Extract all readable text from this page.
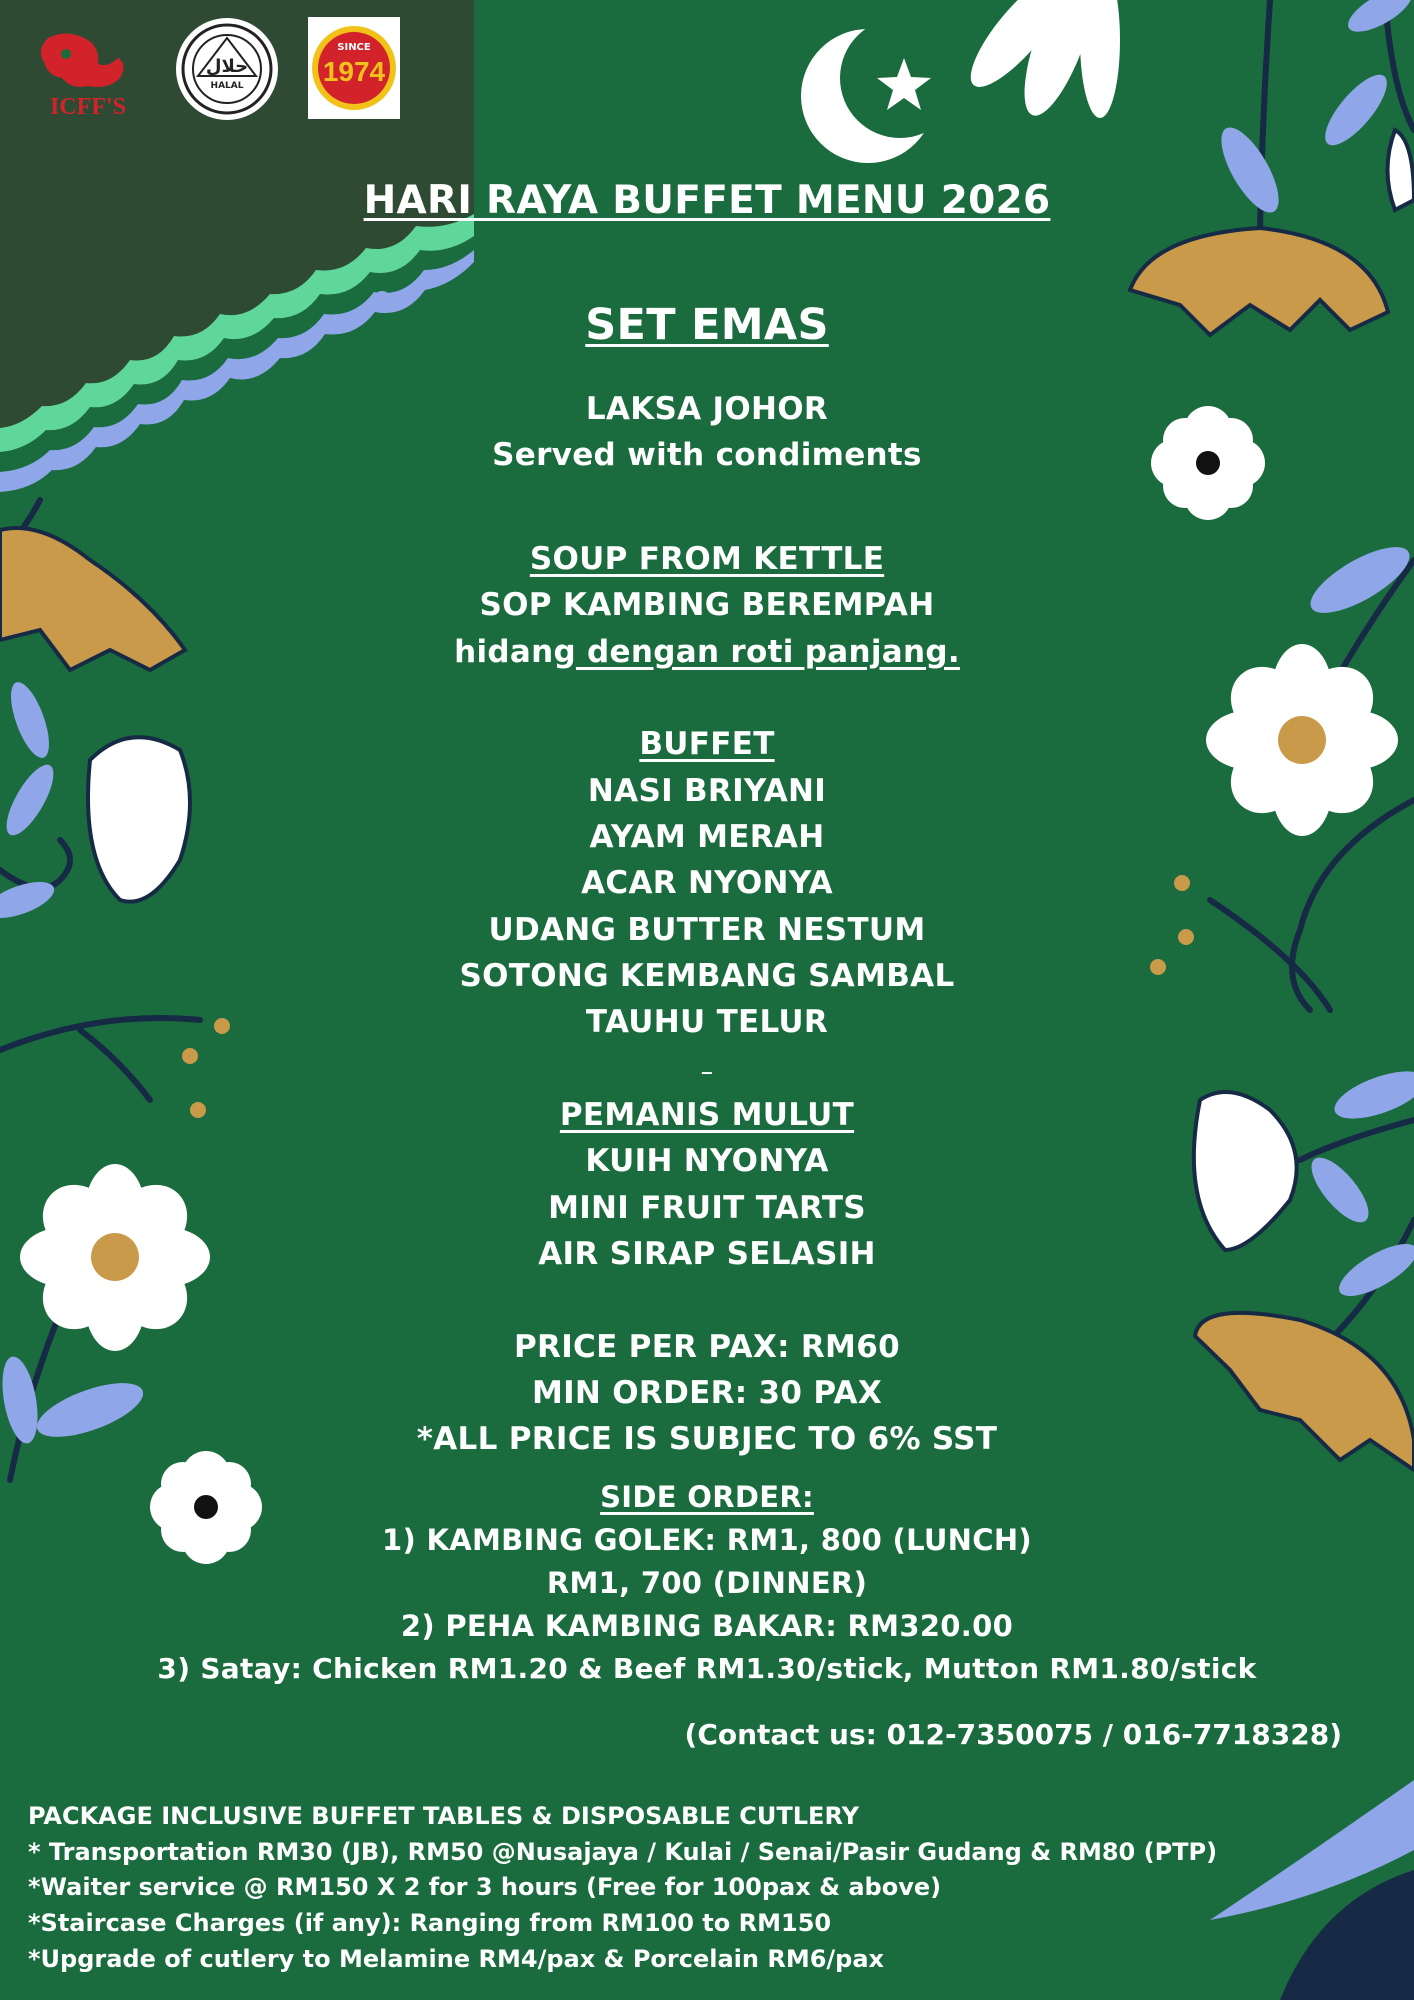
ICFF'S
حلال
HALAL
SINCE
1974
HARI RAYA BUFFET MENU 2026
SET EMAS
LAKSA JOHOR
Served with condiments
SOUP FROM KETTLE
SOP KAMBING BEREMPAH
hidang dengan roti panjang.
BUFFET
NASI BRIYANI
AYAM MERAH
ACAR NYONYA
UDANG BUTTER NESTUM
SOTONG KEMBANG SAMBAL
TAUHU TELUR
_
PEMANIS MULUT
KUIH NYONYA
MINI FRUIT TARTS
AIR SIRAP SELASIH
PRICE PER PAX: RM60
MIN ORDER: 30 PAX
*ALL PRICE IS SUBJEC TO 6% SST
SIDE ORDER:
1) KAMBING GOLEK: RM1, 800 (LUNCH)
RM1, 700 (DINNER)
2) PEHA KAMBING BAKAR: RM320.00
3) Satay: Chicken RM1.20 & Beef RM1.30/stick, Mutton RM1.80/stick
(Contact us: 012-7350075 / 016-7718328)
PACKAGE INCLUSIVE BUFFET TABLES & DISPOSABLE CUTLERY
* Transportation RM30 (JB), RM50 @Nusajaya / Kulai / Senai/Pasir Gudang & RM80 (PTP)
*Waiter service @ RM150 X 2 for 3 hours (Free for 100pax & above)
*Staircase Charges (if any): Ranging from RM100 to RM150
*Upgrade of cutlery to Melamine RM4/pax & Porcelain RM6/pax
